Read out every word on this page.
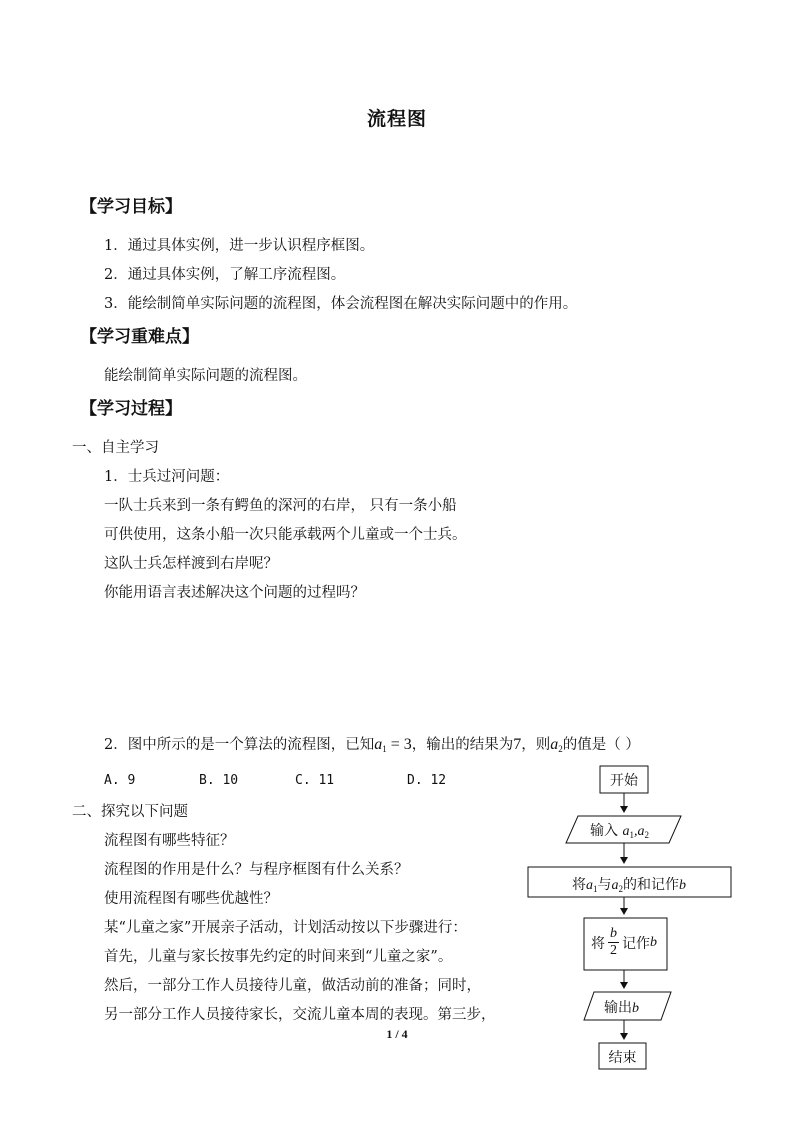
流程图
【学习目标】
1．通过具体实例，进一步认识程序框图。
2．通过具体实例，了解工序流程图。
3．能绘制简单实际问题的流程图，体会流程图在解决实际问题中的作用。
【学习重难点】
能绘制简单实际问题的流程图。
【学习过程】
一、自主学习
1．士兵过河问题：
一队士兵来到一条有鳄鱼的深河的右岸， 只有一条小船
可供使用，这条小船一次只能承载两个儿童或一个士兵。
这队士兵怎样渡到右岸呢？
你能用语言表述解决这个问题的过程吗？
2．图中所示的是一个算法的流程图，已知$a_1 = 3$，输出的结果为7，则$a_2$的值是（ ）
A. 9	B. 10	C. 11	D. 12
二、探究以下问题
流程图有哪些特征？
流程图的作用是什么？与程序框图有什么关系？
使用流程图有哪些优越性？
某“儿童之家”开展亲子活动，计划活动按以下步骤进行：
首先，儿童与家长按事先约定的时间来到“儿童之家”。
然后，一部分工作人员接待儿童，做活动前的准备；同时，
另一部分工作人员接待家长，交流儿童本周的表现。第三步，
开始
输入 $a_1,a_2$
将$a_1$与$a_2$的和记作b
将
b
2 记作 b
输出b
结束
1 / 4
